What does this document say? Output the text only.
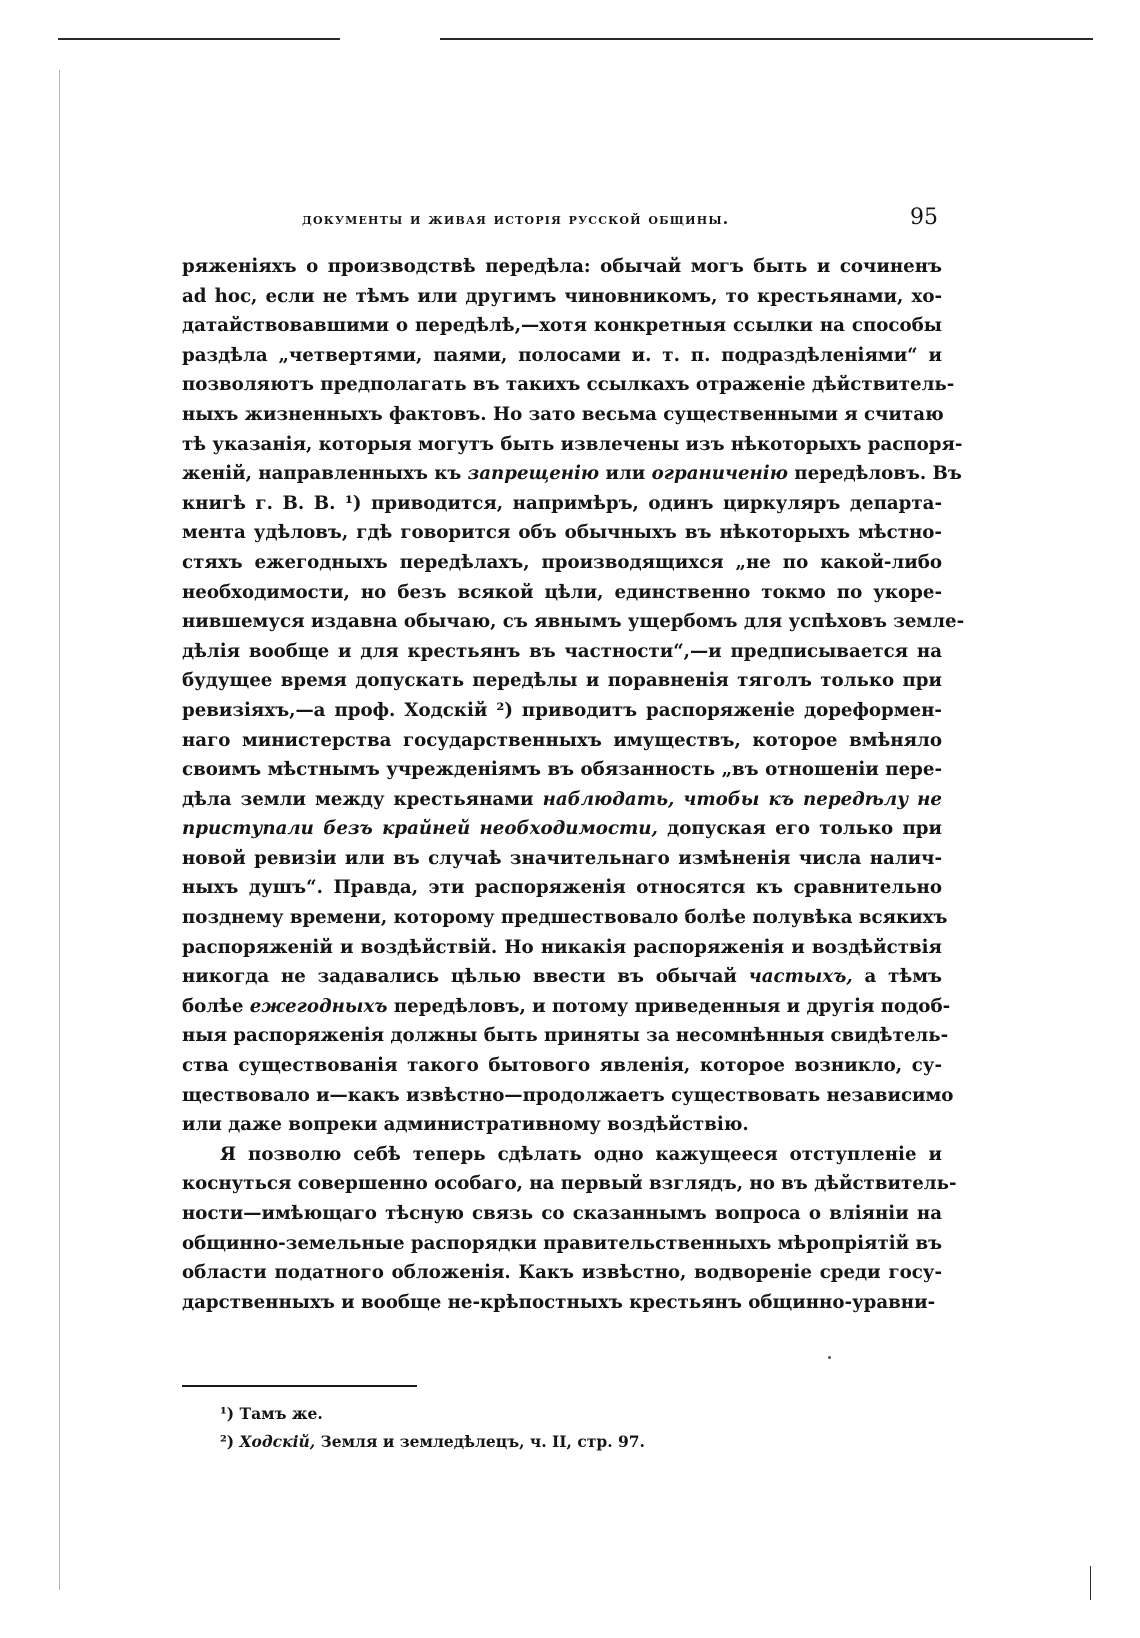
документы и живая исторія русской общины.	95
ряженіяхъ о производствѣ передѣла: обычай могъ быть и сочиненъ
ad hoc, если не тѣмъ или другимъ чиновникомъ, то крестьянами, хо-
датайствовавшими о передѣлѣ,—хотя конкретныя ссылки на способы
раздѣла „четвертями, паями, полосами и. т. п. подраздѣленіями“ и
позволяютъ предполагать въ такихъ ссылкахъ отраженіе дѣйствитель-
ныхъ жизненныхъ фактовъ. Но зато весьма существенными я считаю
тѣ указанія, которыя могутъ быть извлечены изъ нѣкоторыхъ распоря-
женій, направленныхъ къ запрещенію или ограниченію передѣловъ. Въ
книгѣ г. В. В. ¹) приводится, напримѣръ, одинъ циркуляръ департа-
мента удѣловъ, гдѣ говорится объ обычныхъ въ нѣкоторыхъ мѣстно-
стяхъ ежегодныхъ передѣлахъ, производящихся „не по какой-либо
необходимости, но безъ всякой цѣли, единственно токмо по укоре-
нившемуся издавна обычаю, съ явнымъ ущербомъ для успѣховъ земле-
дѣлія вообще и для крестьянъ въ частности“,—и предписывается на
будущее время допускать передѣлы и поравненія тяголъ только при
ревизіяхъ,—а проф. Ходскій ²) приводитъ распоряженіе дореформен-
наго министерства государственныхъ имуществъ, которое вмѣняло
своимъ мѣстнымъ учрежденіямъ въ обязанность „въ отношеніи пере-
дѣла земли между крестьянами наблюдать, чтобы къ передѣлу не
приступали безъ крайней необходимости, допуская его только при
новой ревизіи или въ случаѣ значительнаго измѣненія числа налич-
ныхъ душъ“. Правда, эти распоряженія относятся къ сравнительно
позднему времени, которому предшествовало болѣе полувѣка всякихъ
распоряженій и воздѣйствій. Но никакія распоряженія и воздѣйствія
никогда не задавались цѣлью ввести въ обычай частыхъ, а тѣмъ
болѣе ежегодныхъ передѣловъ, и потому приведенныя и другія подоб-
ныя распоряженія должны быть приняты за несомнѣнныя свидѣтель-
ства существованія такого бытового явленія, которое возникло, су-
ществовало и—какъ извѣстно—продолжаетъ существовать независимо
или даже вопреки административному воздѣйствію.
Я позволю себѣ теперь сдѣлать одно кажущееся отступленіе и
коснуться совершенно особаго, на первый взглядъ, но въ дѣйствитель-
ности—имѣющаго тѣсную связь со сказаннымъ вопроса о вліяніи на
общинно-земельные распорядки правительственныхъ мѣропріятій въ
области податного обложенія. Какъ извѣстно, водвореніе среди госу-
дарственныхъ и вообще не-крѣпостныхъ крестьянъ общинно-уравни-
¹) Тамъ же.
²) Ходскій, Земля и земледѣлецъ, ч. II, стр. 97.
